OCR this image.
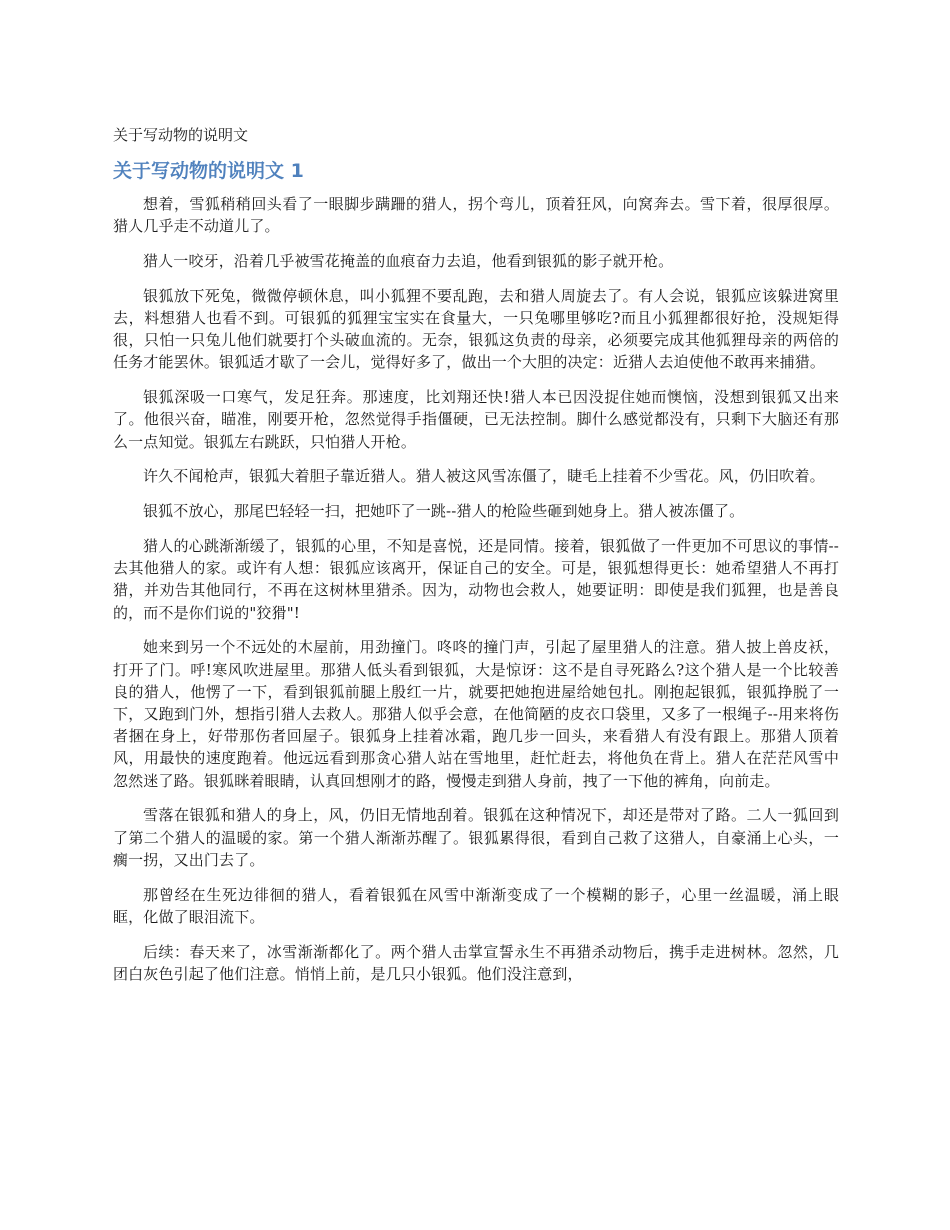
关于写动物的说明文
关于写动物的说明文 1

想着，雪狐稍稍回头看了一眼脚步蹒跚的猎人，拐个弯儿，顶着狂风，向窝奔去。雪下着，很厚很厚。猎人几乎走不动道儿了。

猎人一咬牙，沿着几乎被雪花掩盖的血痕奋力去追，他看到银狐的影子就开枪。

银狐放下死兔，微微停顿休息，叫小狐狸不要乱跑，去和猎人周旋去了。有人会说，银狐应该躲进窝里去，料想猎人也看不到。可银狐的狐狸宝宝实在食量大，一只兔哪里够吃?而且小狐狸都很好抢，没规矩得很，只怕一只兔儿他们就要打个头破血流的。无奈，银狐这负责的母亲，必须要完成其他狐狸母亲的两倍的任务才能罢休。银狐适才歇了一会儿，觉得好多了，做出一个大胆的决定：近猎人去迫使他不敢再来捕猎。

银狐深吸一口寒气，发足狂奔。那速度，比刘翔还快!猎人本已因没捉住她而懊恼，没想到银狐又出来了。他很兴奋，瞄准，刚要开枪，忽然觉得手指僵硬，已无法控制。脚什么感觉都没有，只剩下大脑还有那么一点知觉。银狐左右跳跃，只怕猎人开枪。

许久不闻枪声，银狐大着胆子靠近猎人。猎人被这风雪冻僵了，睫毛上挂着不少雪花。风，仍旧吹着。

银狐不放心，那尾巴轻轻一扫，把她吓了一跳--猎人的枪险些砸到她身上。猎人被冻僵了。

猎人的心跳渐渐缓了，银狐的心里，不知是喜悦，还是同情。接着，银狐做了一件更加不可思议的事情--去其他猎人的家。或许有人想：银狐应该离开，保证自己的安全。可是，银狐想得更长：她希望猎人不再打猎，并劝告其他同行，不再在这树林里猎杀。因为，动物也会救人，她要证明：即使是我们狐狸，也是善良的，而不是你们说的"狡猾"!

她来到另一个不远处的木屋前，用劲撞门。咚咚的撞门声，引起了屋里猎人的注意。猎人披上兽皮袄，打开了门。呼!寒风吹进屋里。那猎人低头看到银狐，大是惊讶：这不是自寻死路么?这个猎人是一个比较善良的猎人，他愣了一下，看到银狐前腿上殷红一片，就要把她抱进屋给她包扎。刚抱起银狐，银狐挣脱了一下，又跑到门外，想指引猎人去救人。那猎人似乎会意，在他简陋的皮衣口袋里，又多了一根绳子--用来将伤者捆在身上，好带那伤者回屋子。银狐身上挂着冰霜，跑几步一回头，来看猎人有没有跟上。那猎人顶着风，用最快的速度跑着。他远远看到那贪心猎人站在雪地里，赶忙赶去，将他负在背上。猎人在茫茫风雪中忽然迷了路。银狐眯着眼睛，认真回想刚才的路，慢慢走到猎人身前，拽了一下他的裤角，向前走。

雪落在银狐和猎人的身上，风，仍旧无情地刮着。银狐在这种情况下，却还是带对了路。二人一狐回到了第二个猎人的温暖的家。第一个猎人渐渐苏醒了。银狐累得很，看到自己救了这猎人，自豪涌上心头，一瘸一拐，又出门去了。

那曾经在生死边徘徊的猎人，看着银狐在风雪中渐渐变成了一个模糊的影子，心里一丝温暖，涌上眼眶，化做了眼泪流下。

后续：春天来了，冰雪渐渐都化了。两个猎人击掌宣誓永生不再猎杀动物后，携手走进树林。忽然，几团白灰色引起了他们注意。悄悄上前，是几只小银狐。他们没注意到，
